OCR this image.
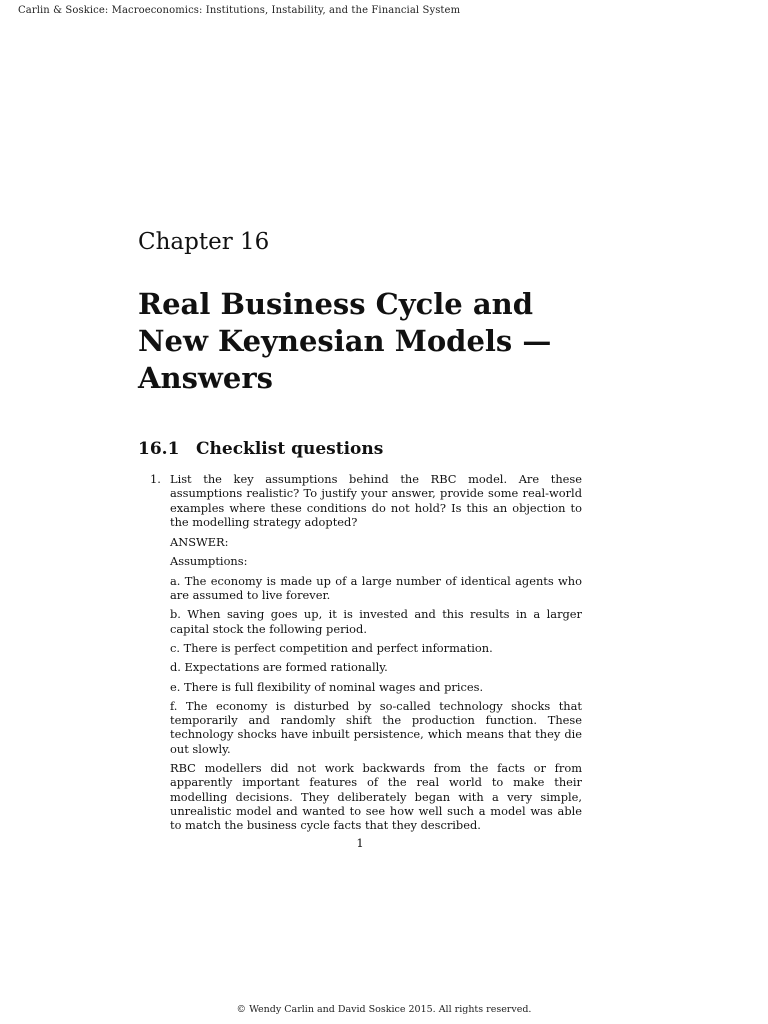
Carlin & Soskice: Macroeconomics: Institutions, Instability, and the Financial System
Chapter 16
Real Business Cycle and
New Keynesian Models —
Answers
16.1 Checklist questions
1. List the key assumptions behind the RBC model. Are these assumptions realistic? To justify your answer, provide some real-world examples where these conditions do not hold? Is this an objection to the modelling strategy adopted?

ANSWER:

Assumptions:

a. The economy is made up of a large number of identical agents who are assumed to live forever.

b. When saving goes up, it is invested and this results in a larger capital stock the following period.

c. There is perfect competition and perfect information.

d. Expectations are formed rationally.

e. There is full flexibility of nominal wages and prices.

f. The economy is disturbed by so-called technology shocks that temporarily and randomly shift the production function. These technology shocks have inbuilt persistence, which means that they die out slowly.

RBC modellers did not work backwards from the facts or from apparently important features of the real world to make their modelling decisions. They deliberately began with a very simple, unrealistic model and wanted to see how well such a model was able to match the business cycle facts that they described.

1
© Wendy Carlin and David Soskice 2015. All rights reserved.
